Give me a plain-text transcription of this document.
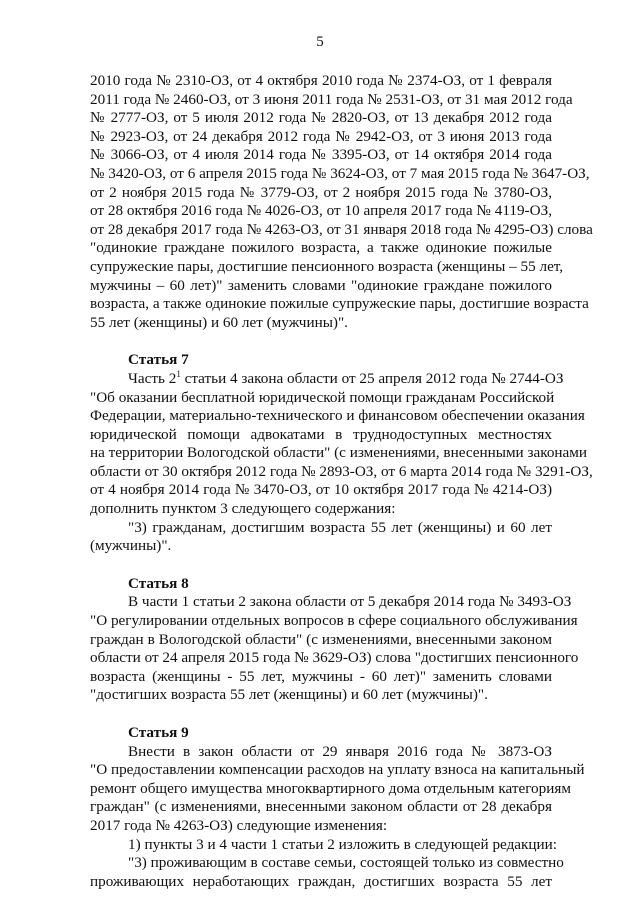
5
2010 года № 2310-ОЗ, от 4 октября 2010 года № 2374-ОЗ, от 1 февраля
2011 года № 2460-ОЗ, от 3 июня 2011 года № 2531-ОЗ, от 31 мая 2012 года
№ 2777-ОЗ, от 5 июля 2012 года № 2820-ОЗ, от 13 декабря 2012 года
№ 2923-ОЗ, от 24 декабря 2012 года № 2942-ОЗ, от 3 июня 2013 года
№ 3066-ОЗ, от 4 июля 2014 года № 3395-ОЗ, от 14 октября 2014 года
№ 3420-ОЗ, от 6 апреля 2015 года № 3624-ОЗ, от 7 мая 2015 года № 3647-ОЗ,
от 2 ноября 2015 года № 3779-ОЗ, от 2 ноября 2015 года № 3780-ОЗ,
от 28 октября 2016 года № 4026-ОЗ, от 10 апреля 2017 года № 4119-ОЗ,
от 28 декабря 2017 года № 4263-ОЗ, от 31 января 2018 года № 4295-ОЗ) слова
"одинокие граждане пожилого возраста, а также одинокие пожилые
супружеские пары, достигшие пенсионного возраста (женщины – 55 лет,
мужчины – 60 лет)" заменить словами "одинокие граждане пожилого
возраста, а также одинокие пожилые супружеские пары, достигшие возраста
55 лет (женщины) и 60 лет (мужчины)".
Статья 7
Часть $2^1$ статьи 4 закона области от 25 апреля 2012 года № 2744-ОЗ
"Об оказании бесплатной юридической помощи гражданам Российской
Федерации, материально-технического и финансовом обеспечении оказания
юридической помощи адвокатами в труднодоступных местностях
на территории Вологодской области" (с изменениями, внесенными законами
области от 30 октября 2012 года № 2893-ОЗ, от 6 марта 2014 года № 3291-ОЗ,
от 4 ноября 2014 года № 3470-ОЗ, от 10 октября 2017 года № 4214-ОЗ)
дополнить пунктом 3 следующего содержания:
"3) гражданам, достигшим возраста 55 лет (женщины) и 60 лет
(мужчины)".
Статья 8
В части 1 статьи 2 закона области от 5 декабря 2014 года № 3493-ОЗ
"О регулировании отдельных вопросов в сфере социального обслуживания
граждан в Вологодской области" (с изменениями, внесенными законом
области от 24 апреля 2015 года № 3629-ОЗ) слова "достигших пенсионного
возраста (женщины - 55 лет, мужчины - 60 лет)" заменить словами
"достигших возраста 55 лет (женщины) и 60 лет (мужчины)".
Статья 9
Внести в закон области от 29 января 2016 года № 3873-ОЗ
"О предоставлении компенсации расходов на уплату взноса на капитальный
ремонт общего имущества многоквартирного дома отдельным категориям
граждан" (с изменениями, внесенными законом области от 28 декабря
2017 года № 4263-ОЗ) следующие изменения:
1) пункты 3 и 4 части 1 статьи 2 изложить в следующей редакции:
"3) проживающим в составе семьи, состоящей только из совместно
проживающих неработающих граждан, достигших возраста 55 лет
